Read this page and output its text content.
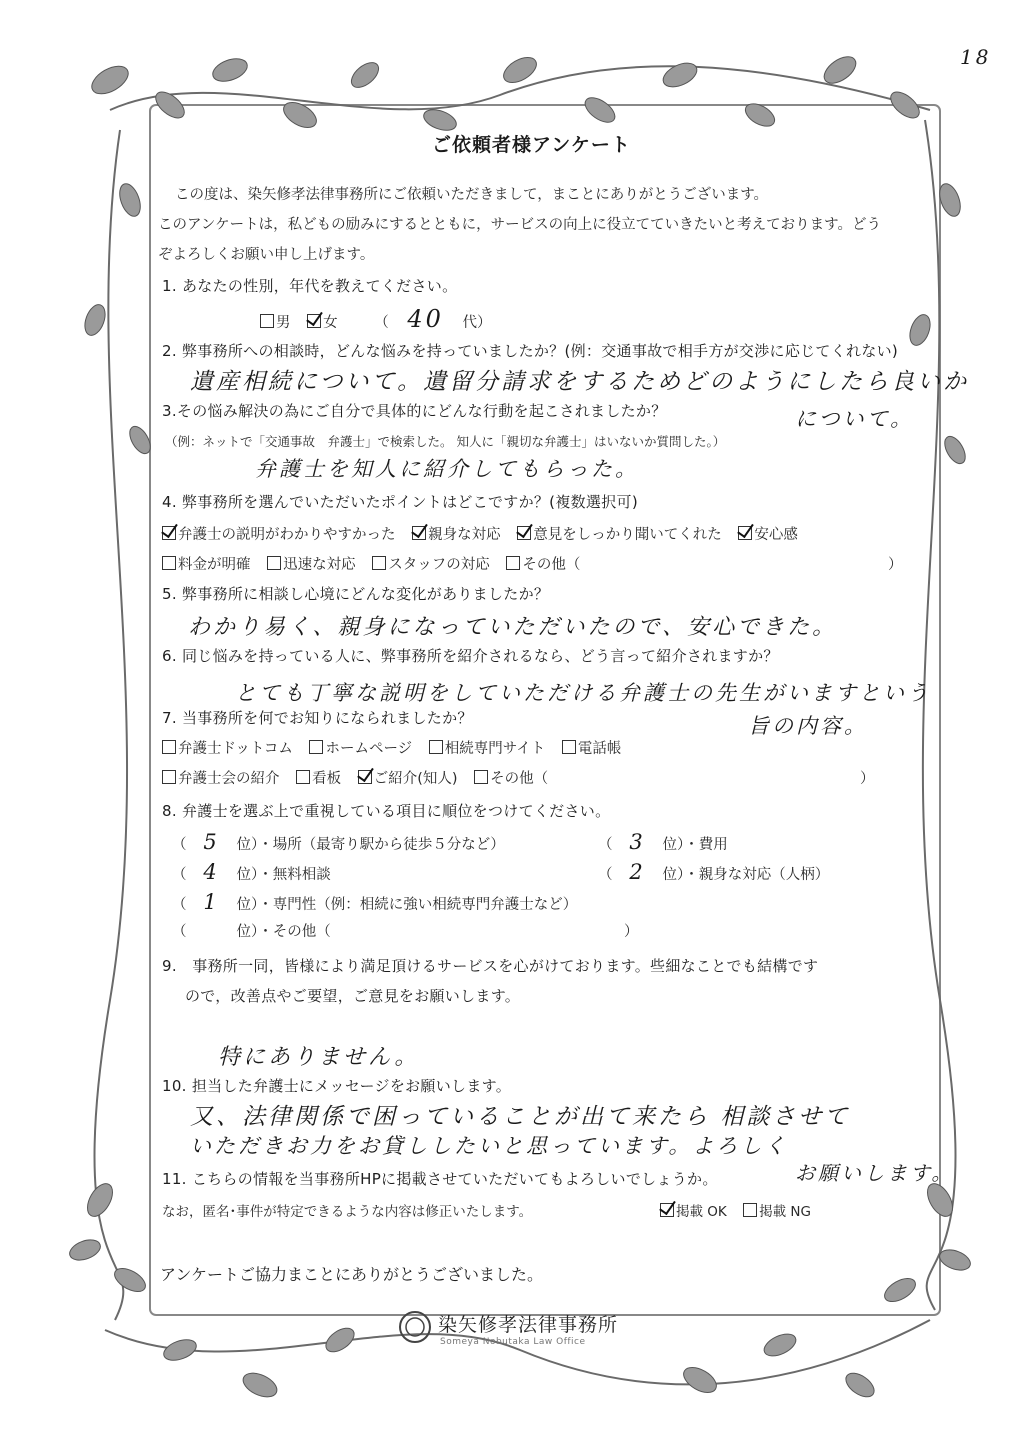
18
ご依頼者様アンケート
この度は、染矢修孝法律事務所にご依頼いただきまして，まことにありがとうございます。
このアンケートは，私どもの励みにするとともに，サービスの向上に役立てていきたいと考えております。どう
ぞよろしくお願い申し上げます。
1. あなたの性別，年代を教えてください。
男 女	（ 40 代）
2. 弊事務所への相談時，どんな悩みを持っていましたか？(例：交通事故で相手方が交渉に応じてくれない)
遺産相続について。遺留分請求をするためどのようにしたら良いか
について。
3.その悩み解決の為にご自分で具体的にどんな行動を起こされましたか？
（例：ネットで「交通事故　弁護士」で検索した。 知人に「親切な弁護士」はいないか質問した。）
弁護士を知人に紹介してもらった。
4. 弊事務所を選んでいただいたポイントはどこですか？(複数選択可)
弁護士の説明がわかりやすかった 親身な対応 意見をしっかり聞いてくれた 安心感
料金が明確 迅速な対応 スタッフの対応 その他（	）
5. 弊事務所に相談し心境にどんな変化がありましたか？
わかり易く、親身になっていただいたので、安心できた。
6. 同じ悩みを持っている人に、弊事務所を紹介されるなら、どう言って紹介されますか？
とても丁寧な説明をしていただける弁護士の先生がいますという
旨の内容。
7. 当事務所を何でお知りになられましたか？
弁護士ドットコム ホームページ 相続専門サイト 電話帳
弁護士会の紹介 看板 ご紹介(知人) その他（	）
8. 弁護士を選ぶ上で重視している項目に順位をつけてください。
（ 5 位）・場所（最寄り駅から徒歩５分など）	（ 3 位）・費用
（ 4 位）・無料相談	（ 2 位）・親身な対応（人柄）
（ 1 位）・専門性（例：相続に強い相続専門弁護士など）
（	位）・その他（	）
9.　事務所一同，皆様により満足頂けるサービスを心がけております。些細なことでも結構です
ので，改善点やご要望，ご意見をお願いします。
特にありません。
10. 担当した弁護士にメッセージをお願いします。
又、法律関係で困っていることが出て来たら 相談させて
いただきお力をお貸ししたいと思っています。よろしく
お願いします。
11. こちらの情報を当事務所HPに掲載させていただいてもよろしいでしょうか。
なお，匿名･事件が特定できるような内容は修正いたします。	掲載 OK 掲載 NG
アンケートご協力まことにありがとうございました。
染矢修孝法律事務所
Someya Nobutaka Law Office
